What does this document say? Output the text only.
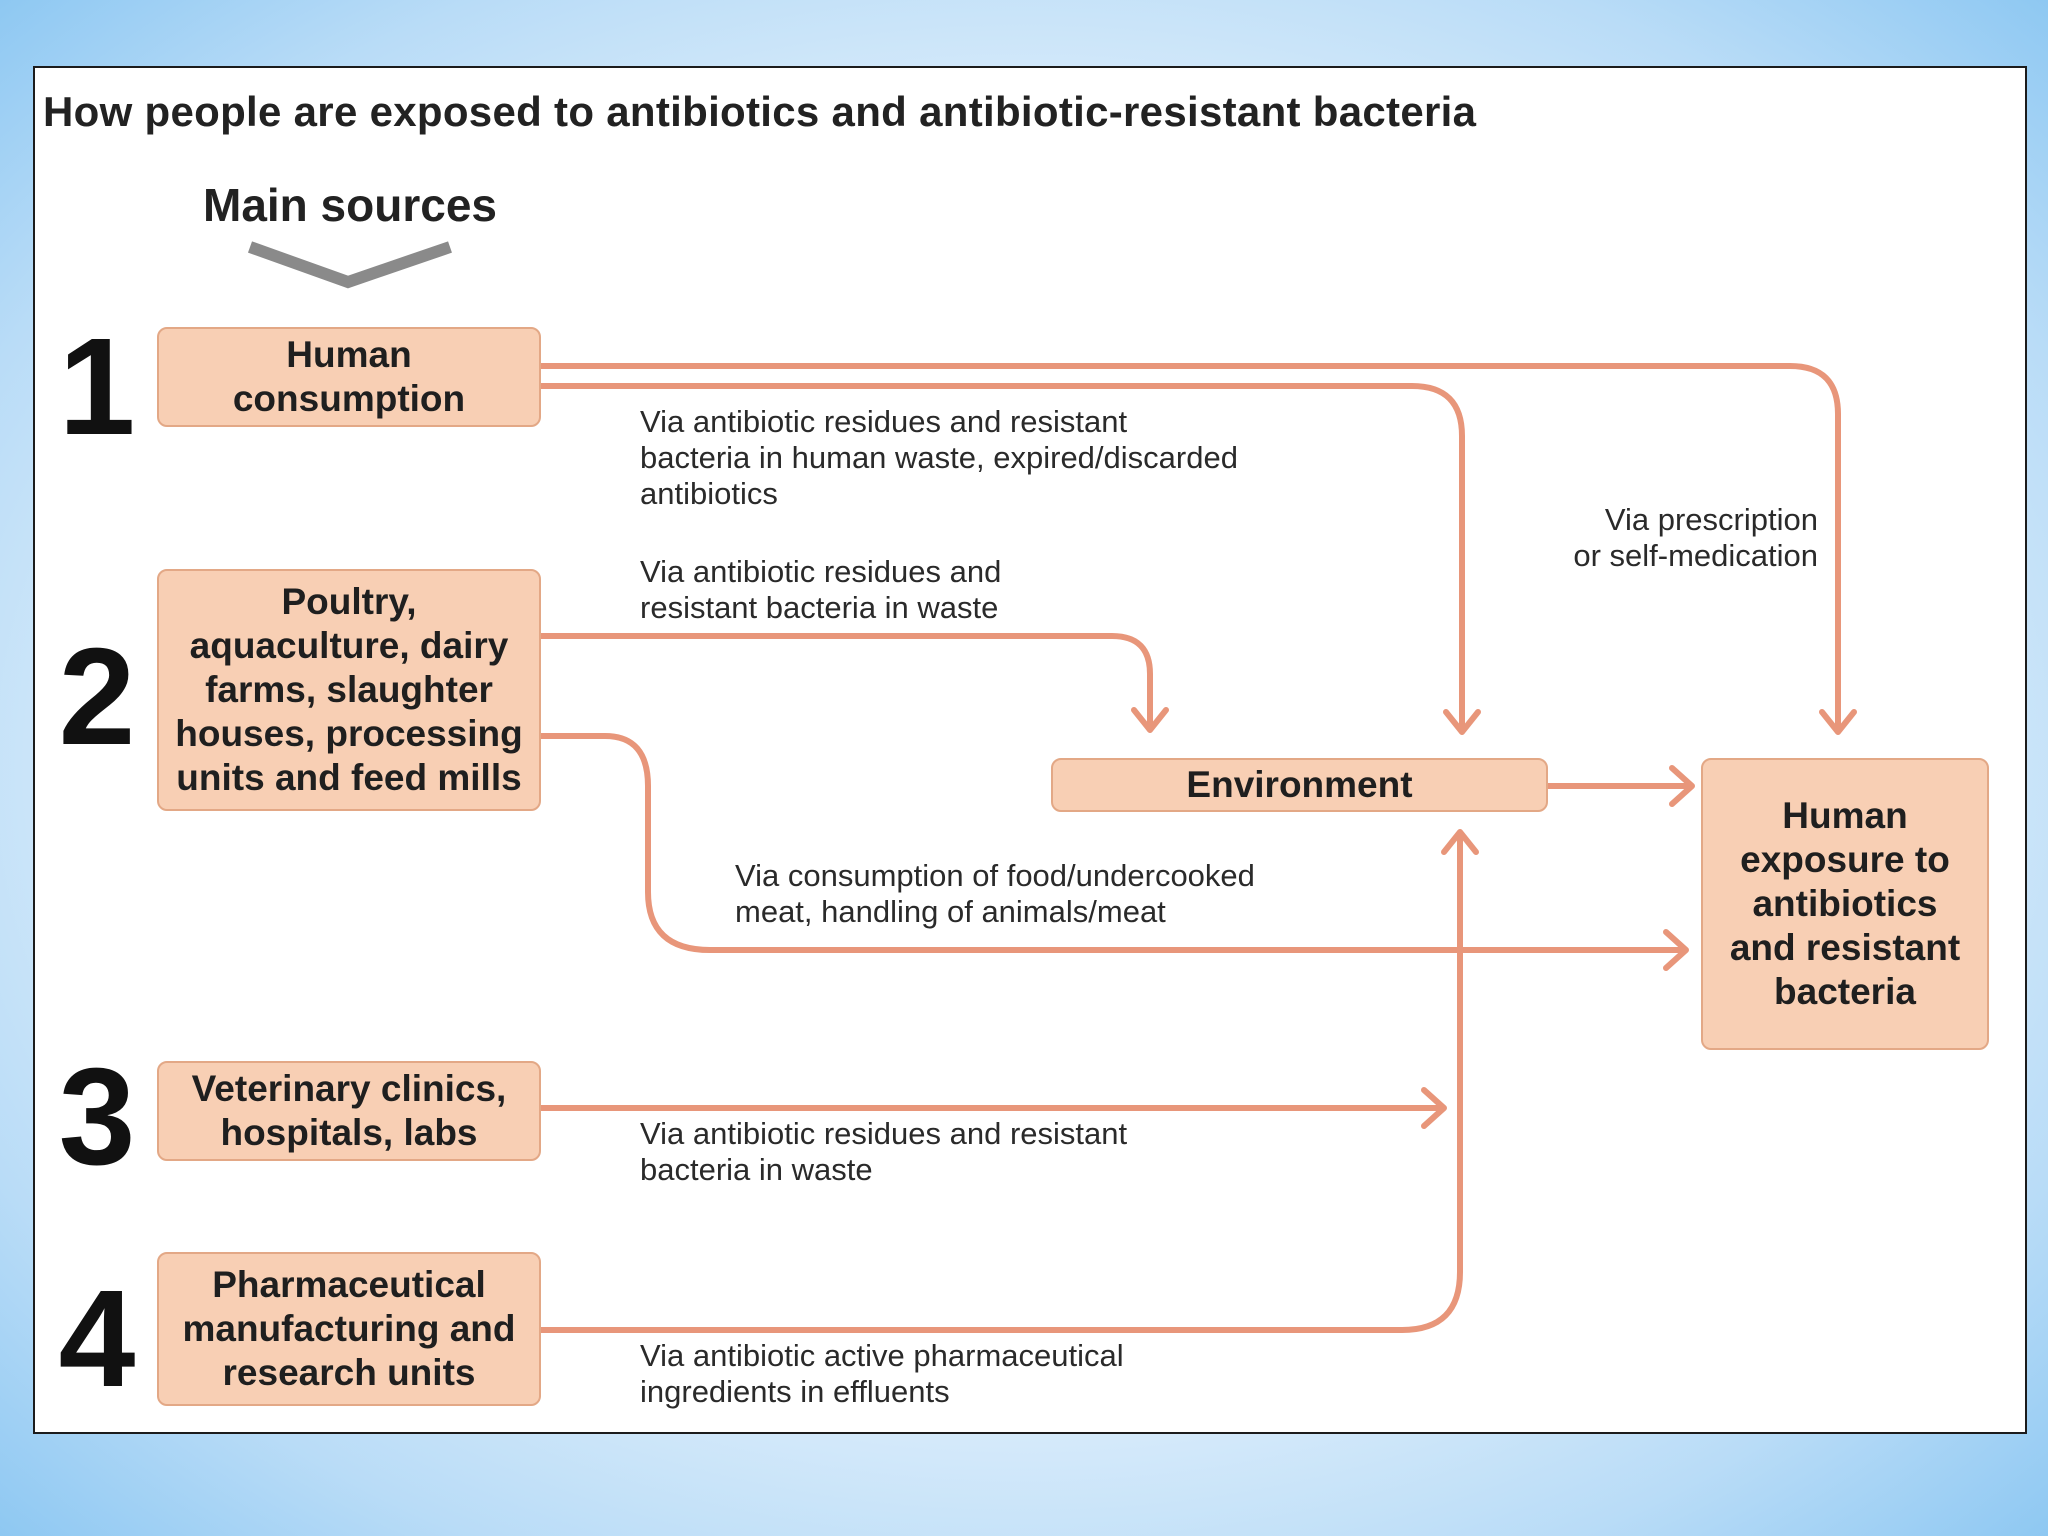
How people are exposed to antibiotics and antibiotic-resistant bacteria
Main sources
1
2
3
4
Human
consumption
Poultry,
aquaculture, dairy
farms, slaughter
houses, processing
units and feed mills
Veterinary clinics,
hospitals, labs
Pharmaceutical
manufacturing and
research units
Environment
Human
exposure to
antibiotics
and resistant
bacteria
Via antibiotic residues and resistant
bacteria in human waste, expired/discarded
antibiotics
Via prescription
or self-medication
Via antibiotic residues and
resistant bacteria in waste
Via consumption of food/undercooked
meat, handling of animals/meat
Via antibiotic residues and resistant
bacteria in waste
Via antibiotic active pharmaceutical
ingredients in effluents
